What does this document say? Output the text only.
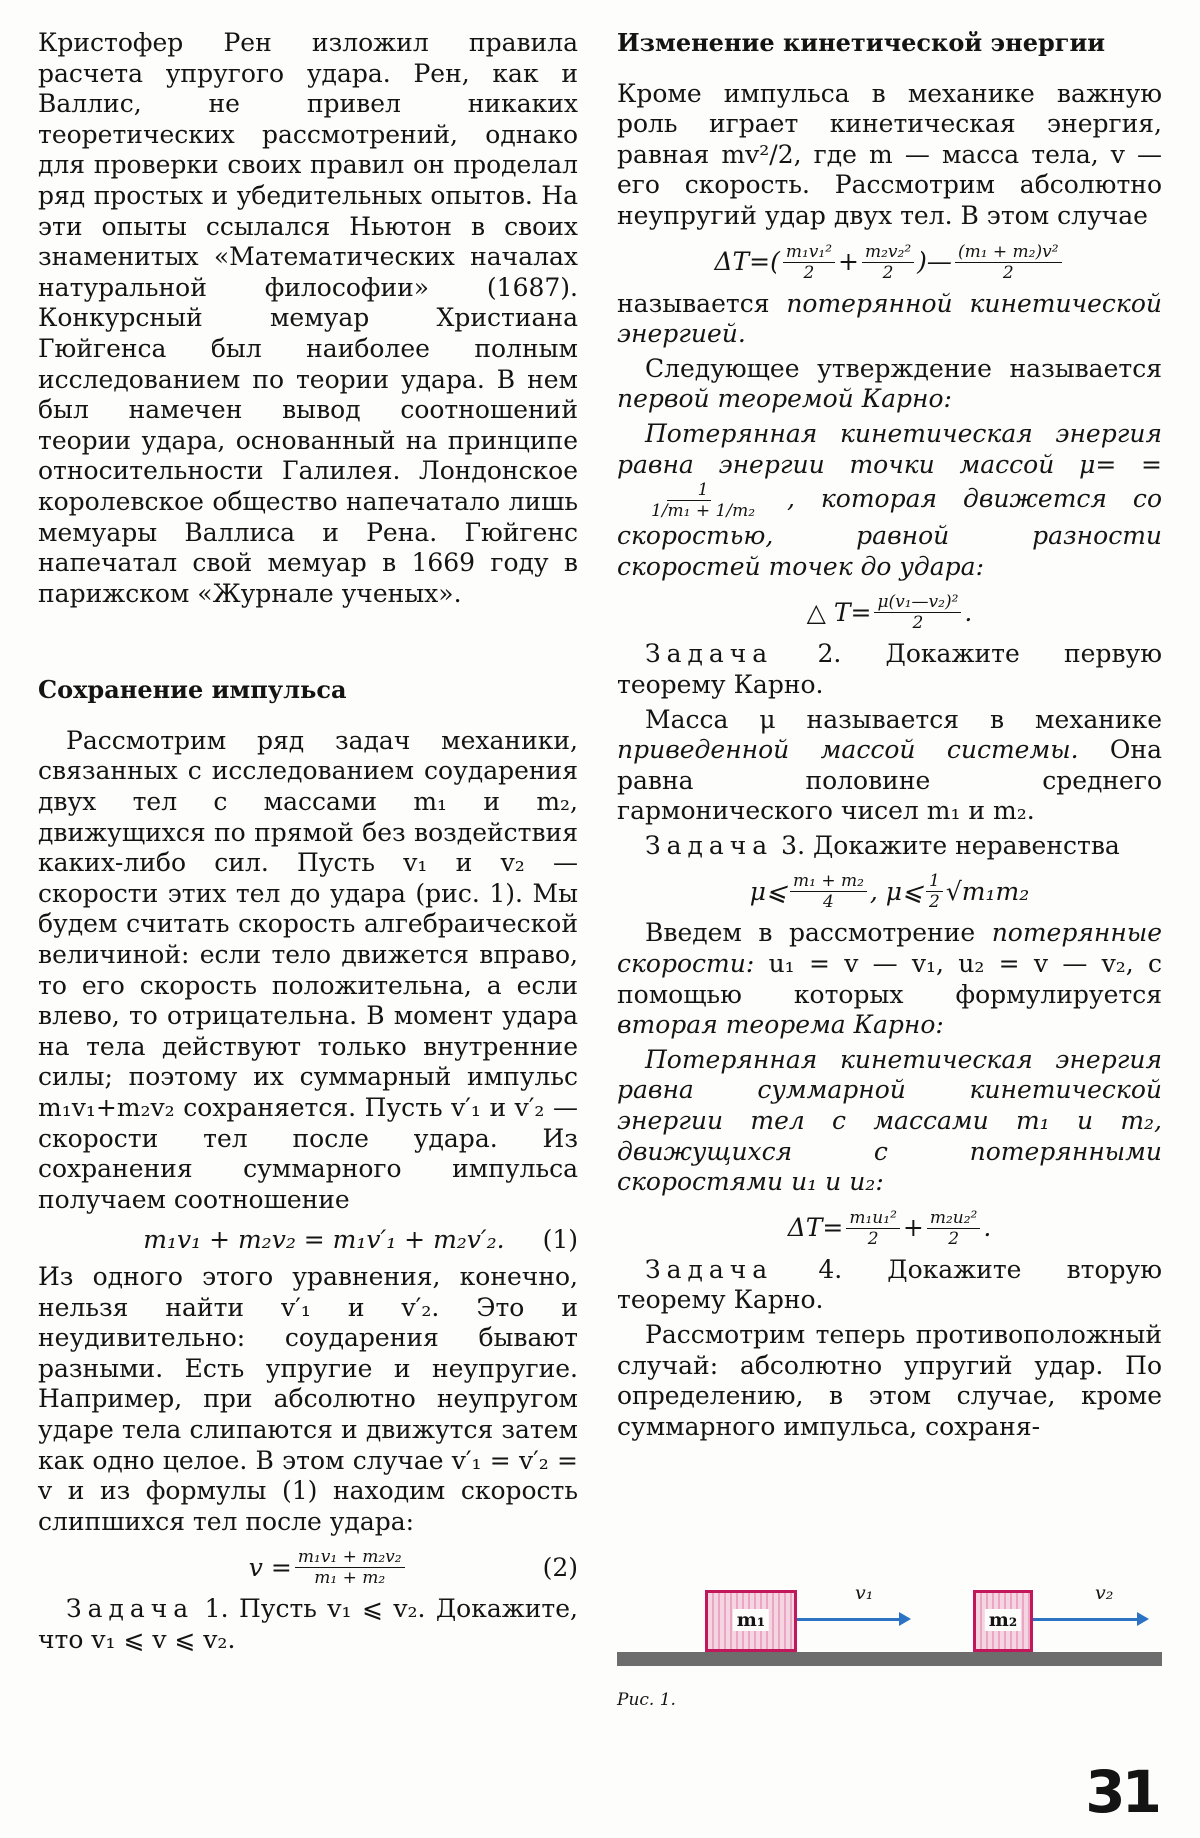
Кристофер Рен изложил правила расчета упругого удара. Рен, как и Валлис, не привел никаких теоретических рассмотрений, однако для проверки своих правил он проделал ряд простых и убедительных опытов. На эти опыты ссылался Ньютон в своих знаменитых «Математических началах натуральной философии» (1687). Конкурсный мемуар Христиана Гюйгенса был наиболее полным исследованием по теории удара. В нем был намечен вывод соотношений теории удара, основанный на принципе относительности Галилея. Лондонское королевское общество напечатало лишь мемуары Валлиса и Рена. Гюйгенс напечатал свой мемуар в 1669 году в парижском «Журнале ученых».

Сохранение импульса

Рассмотрим ряд задач механики, связанных с исследованием соударения двух тел с массами m₁ и m₂, движущихся по прямой без воздействия каких-либо сил. Пусть v₁ и v₂ — скорости этих тел до удара (рис. 1). Мы будем считать скорость алгебраической величиной: если тело движется вправо, то его скорость положительна, а если влево, то отрицательна. В момент удара на тела действуют только внутренние силы; поэтому их суммарный импульс m₁v₁+m₂v₂ сохраняется. Пусть v′₁ и v′₂ — скорости тел после удара. Из сохранения суммарного импульса получаем соотношение

m₁v₁ + m₂v₂ = m₁v′₁ + m₂v′₂. (1)

Из одного этого уравнения, конечно, нельзя найти v′₁ и v′₂. Это и неудивительно: соударения бывают разными. Есть упругие и неупругие. Например, при абсолютно неупругом ударе тела слипаются и движутся затем как одно целое. В этом случае v′₁ = v′₂ = v и из формулы (1) находим скорость слипшихся тел после удара:

$v = \frac{\text{m₁v₁ + m₂v₂}}{\text{m₁ + m₂}}$	(2)

Задача 1. Пусть v₁ ⩽ v₂. Докажите, что v₁ ⩽ v ⩽ v₂.

Изменение кинетической энергии

Кроме импульса в механике важную роль играет кинетическая энергия, равная mv²/2, где m — масса тела, v — его скорость. Рассмотрим абсолютно неупругий удар двух тел. В этом случае

$\Delta T=( \frac{\text{m₁v₁²}}{2} + \frac{\text{m₂v₂²}}{2}$ )— $\frac{\text{(m₁ + m₂)v²}}{2}$

называется потерянной кинетической энергией.

Следующее утверждение называется первой теоремой Карно:

Потерянная кинетическая энергия равна энергии точки массой μ= =
$\frac{1}{\text{1/m₁ + 1/m₂}}$ , которая движется со скоростью, равной разности скоростей точек до удара:

△ $T= \frac{\text{μ(v₁—v₂)²}}{2}$ .

Задача 2. Докажите первую теорему Карно.

Масса μ называется в механике приведенной массой системы. Она равна половине среднего гармонического чисел m₁ и m₂.

Задача 3. Докажите неравенства

μ⩽ $\frac{\text{m₁ + m₂}}{4}$ , μ⩽ $\frac{1}{2} √m_1m_2$

Введем в рассмотрение потерянные скорости: u₁ = v — v₁, u₂ = v — v₂, с помощью которых формулируется вторая теорема Карно:

Потерянная кинетическая энергия равна суммарной кинетической энергии тел с массами m₁ и m₂, движущихся с потерянными скоростями u₁ и u₂:

$\Delta T= \frac{\text{m₁u₁²}}{2} + \frac{\text{m₂u₂²}}{2}$ .

Задача 4. Докажите вторую теорему Карно.

Рассмотрим теперь противоположный случай: абсолютно упругий удар. По определению, в этом случае, кроме суммарного импульса, сохраня-

m₁
v₁
m₂
v₂
Рис. 1.
31
